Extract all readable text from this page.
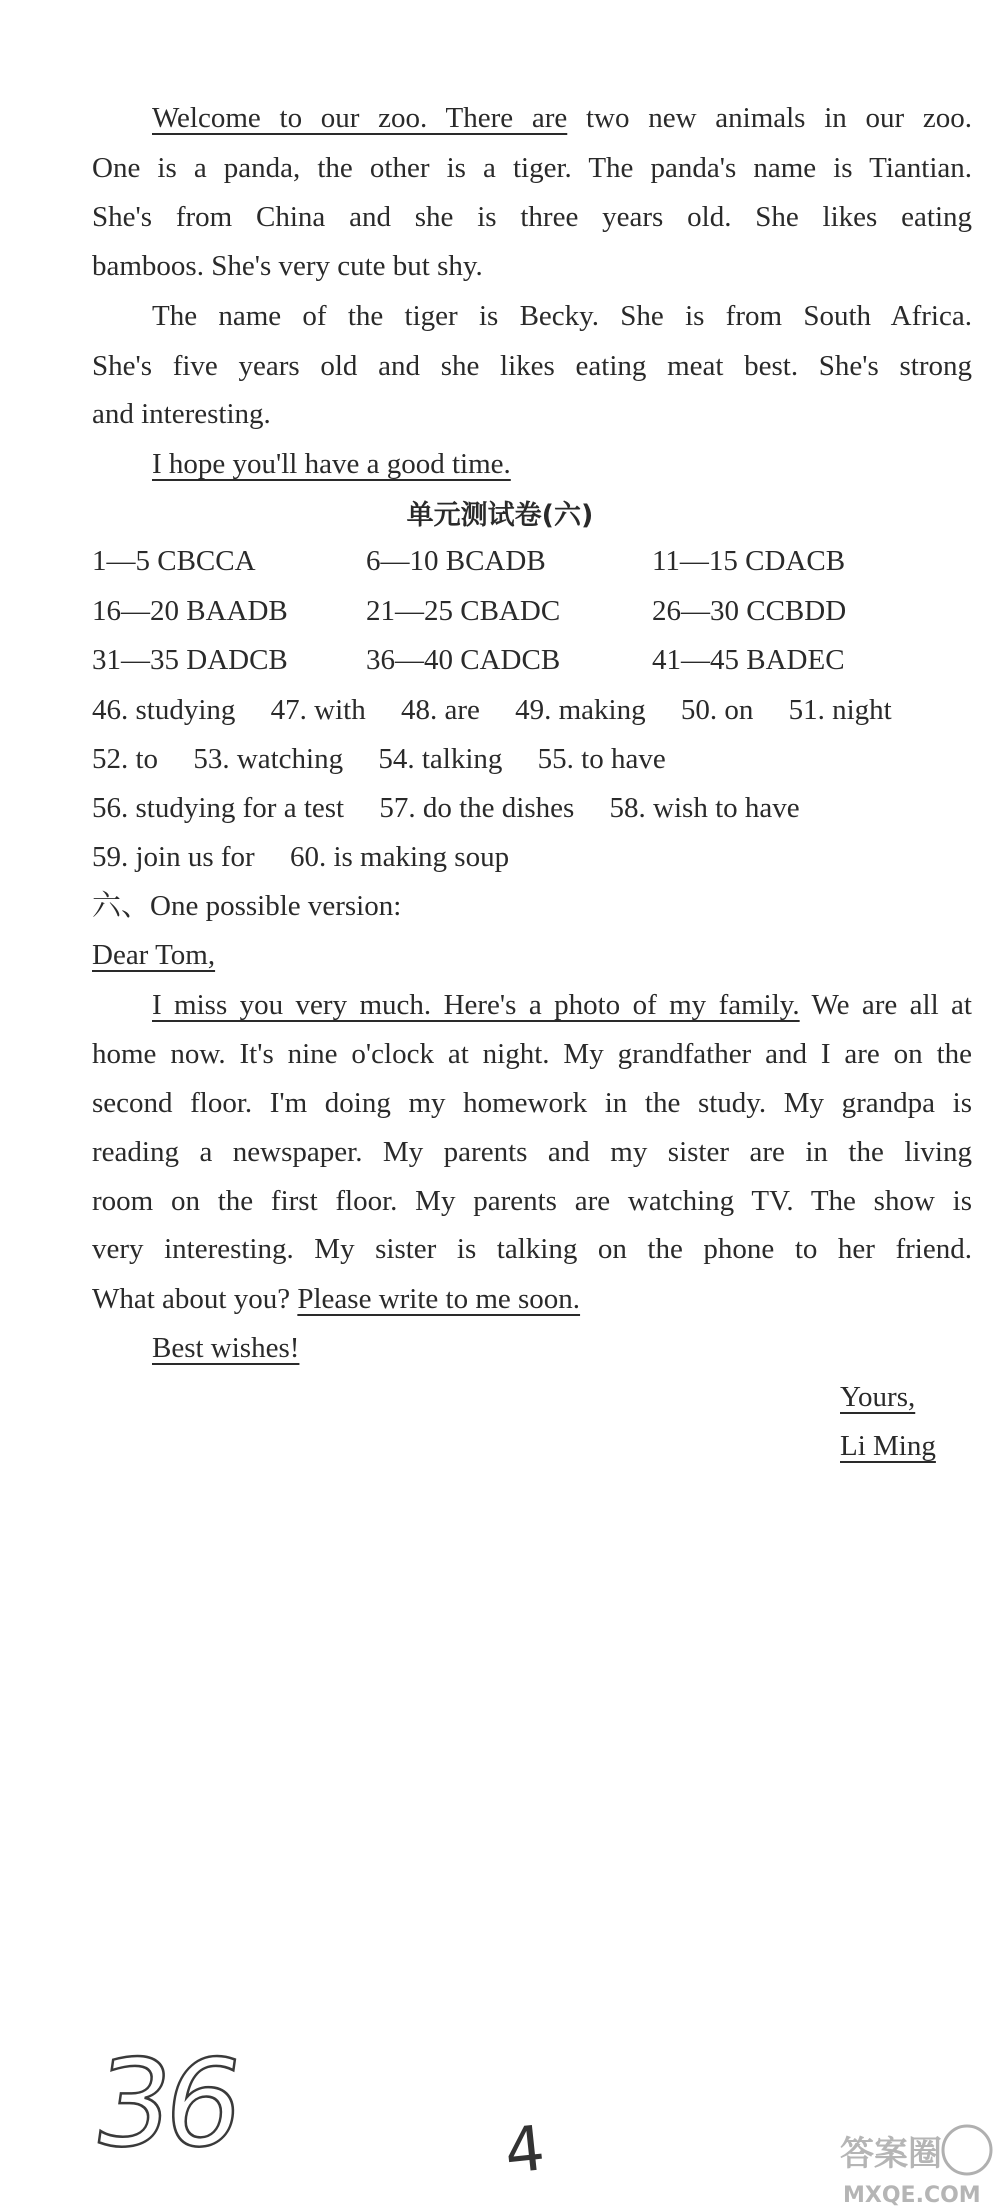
Welcome to our zoo. There are two new animals in our zoo.
One is a panda, the other is a tiger. The panda's name is Tiantian.
She's from China and she is three years old. She likes eating
bamboos. She's very cute but shy.
The name of the tiger is Becky. She is from South Africa.
She's five years old and she likes eating meat best. She's strong
and interesting.
I hope you'll have a good time.
单元测试卷(六)
1—5 CBCCA	6—10 BCADB	11—15 CDACB
16—20 BAADB	21—25 CBADC	26—30 CCBDD
31—35 DADCB	36—40 CADCB	41—45 BADEC
46. studying 47. with 48. are 49. making 50. on 51. night
52. to 53. watching 54. talking 55. to have
56. studying for a test 57. do the dishes 58. wish to have
59. join us for 60. is making soup
六、One possible version:
Dear Tom,
I miss you very much. Here's a photo of my family. We are all at
home now. It's nine o'clock at night. My grandfather and I are on the
second floor. I'm doing my homework in the study. My grandpa is
reading a newspaper. My parents and my sister are in the living
room on the first floor. My parents are watching TV. The show is
very interesting. My sister is talking on the phone to her friend.
What about you? Please write to me soon.
Best wishes!
Yours,
Li Ming
36	4	答案圈
MXQE.COM
